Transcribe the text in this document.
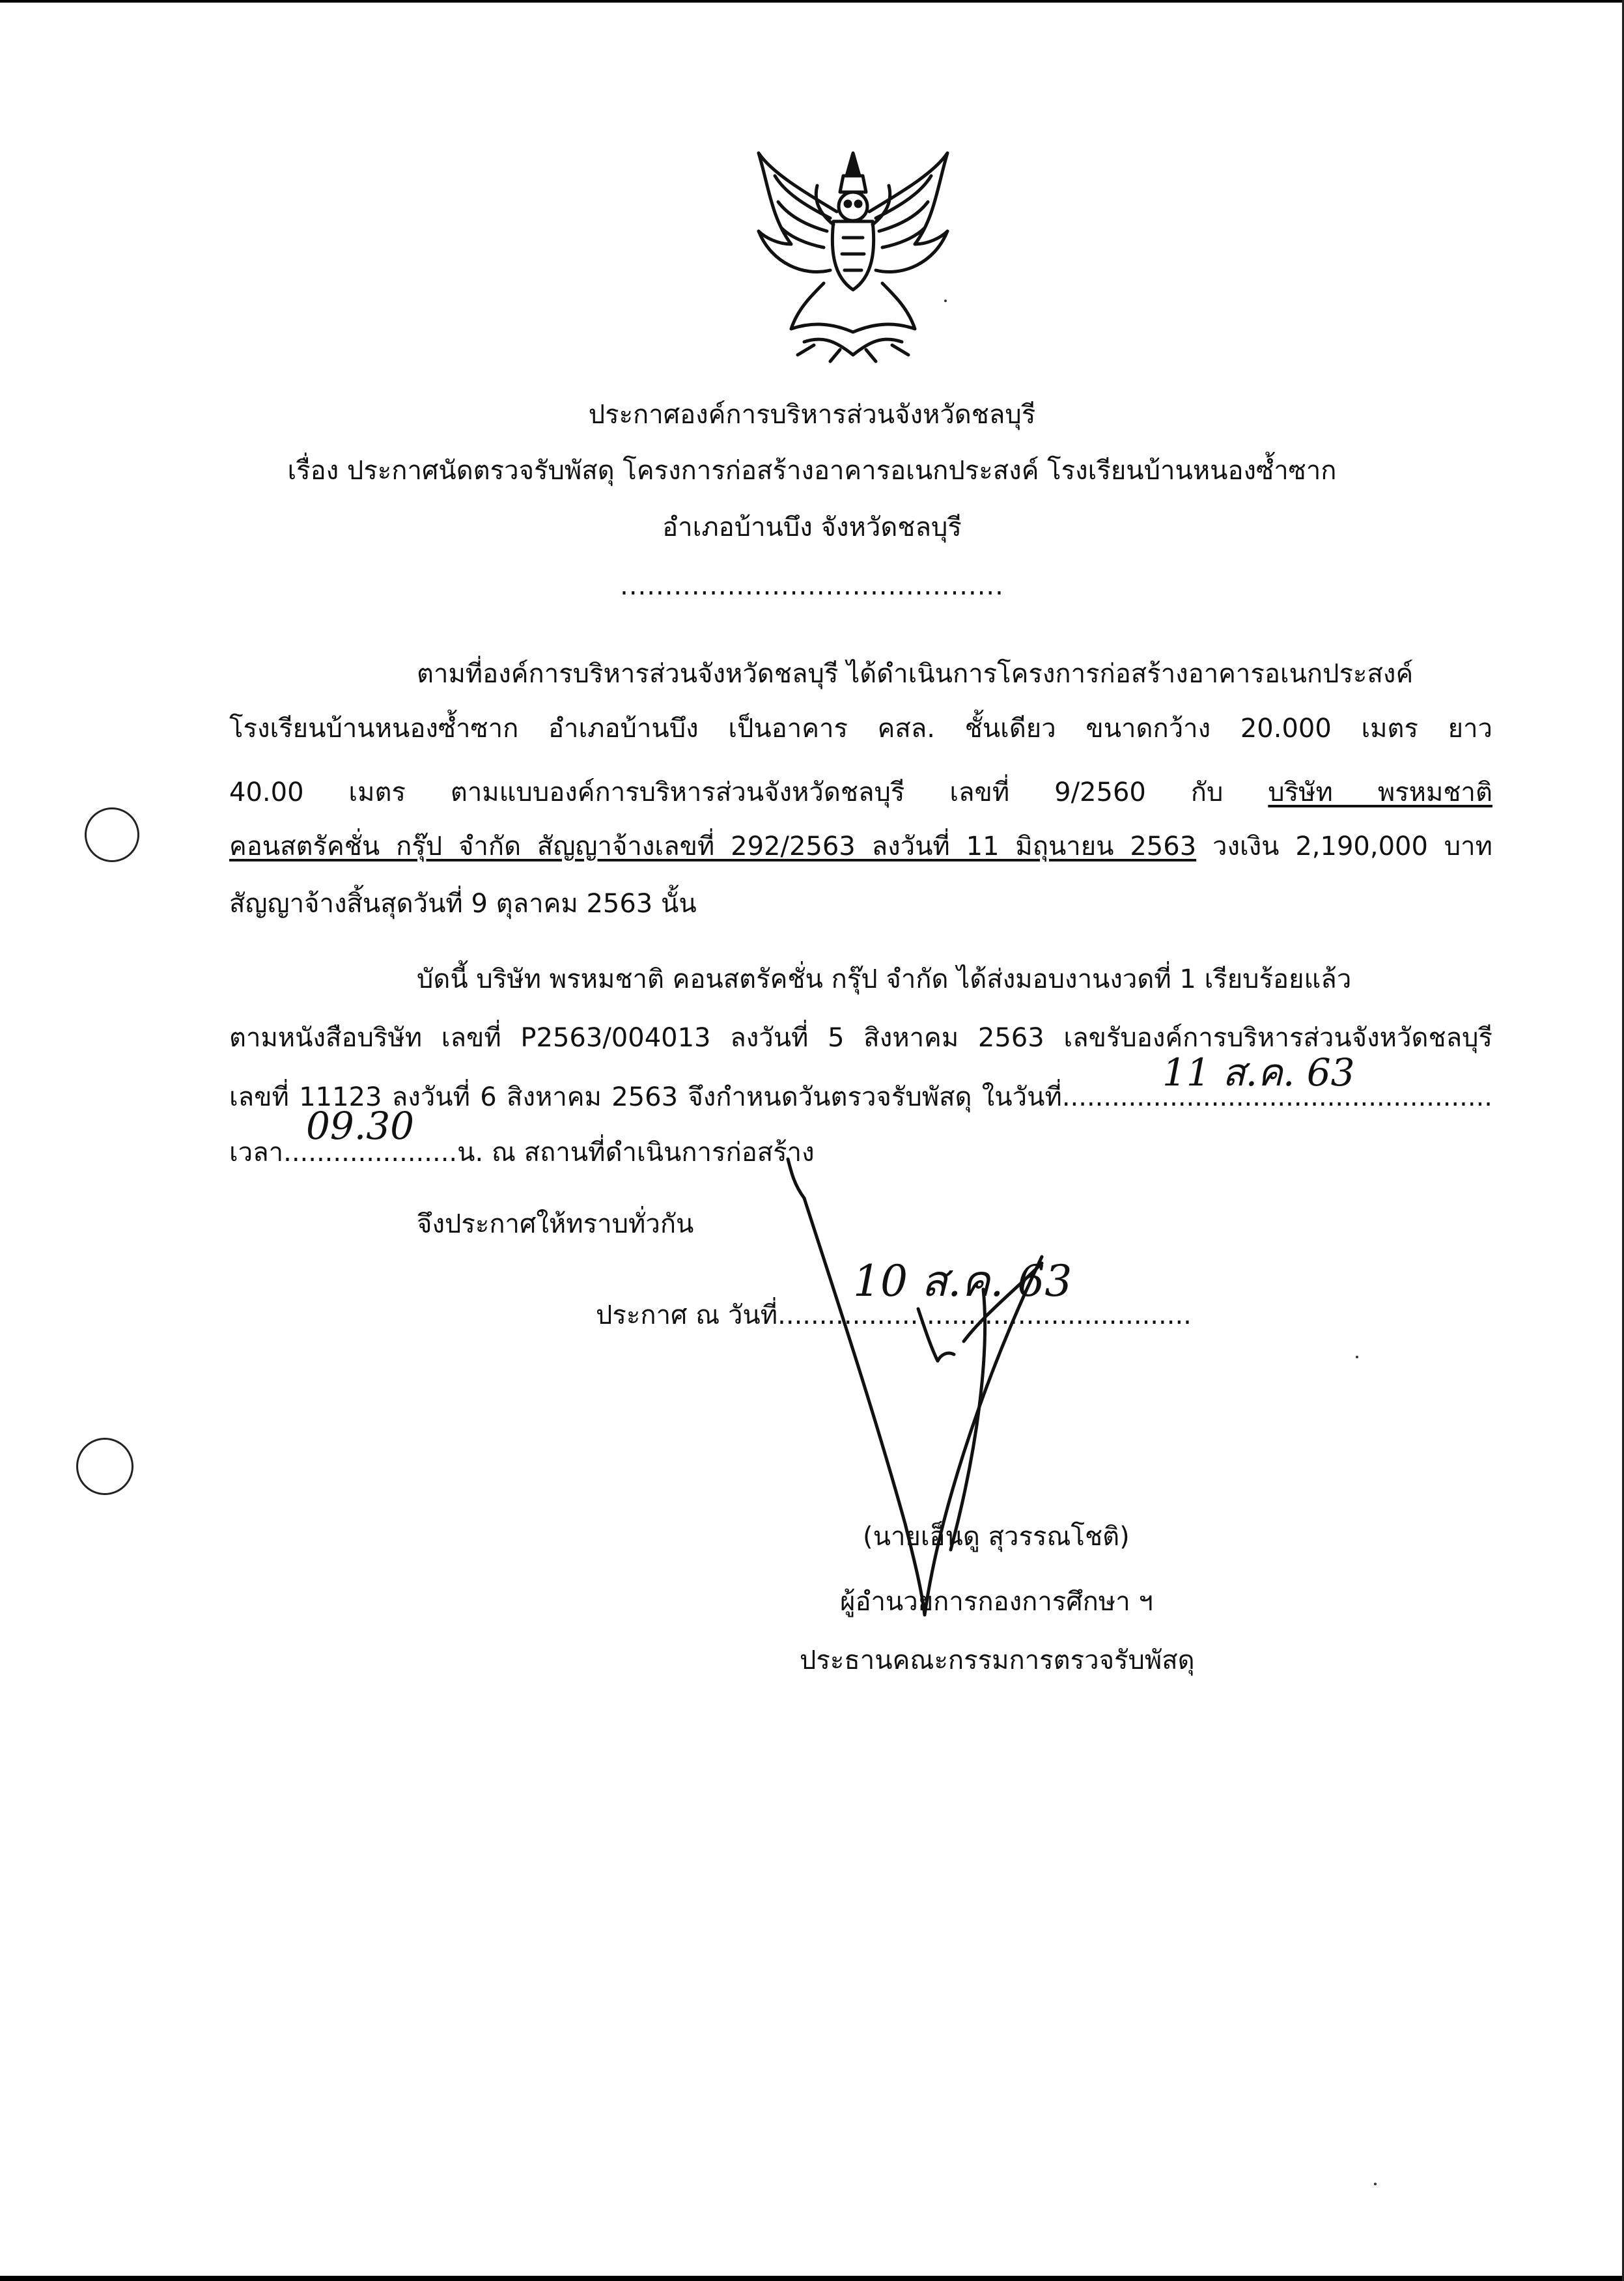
ประกาศองค์การบริหารส่วนจังหวัดชลบุรี
เรื่อง ประกาศนัดตรวจรับพัสดุ โครงการก่อสร้างอาคารอเนกประสงค์ โรงเรียนบ้านหนองซ้ำซาก
อำเภอบ้านบึง จังหวัดชลบุรี
...........................................
ตามที่องค์การบริหารส่วนจังหวัดชลบุรี ได้ดำเนินการโครงการก่อสร้างอาคารอเนกประสงค์
โรงเรียนบ้านหนองซ้ำซาก อำเภอบ้านบึง เป็นอาคาร คสล. ชั้นเดียว ขนาดกว้าง 20.000 เมตร ยาว
40.00 เมตร ตามแบบองค์การบริหารส่วนจังหวัดชลบุรี เลขที่ 9/2560 กับ บริษัท พรหมชาติ
คอนสตรัคชั่น กรุ๊ป จำกัด สัญญาจ้างเลขที่ 292/2563 ลงวันที่ 11 มิถุนายน 2563 วงเงิน 2,190,000 บาท
สัญญาจ้างสิ้นสุดวันที่ 9 ตุลาคม 2563 นั้น
บัดนี้ บริษัท พรหมชาติ คอนสตรัคชั่น กรุ๊ป จำกัด ได้ส่งมอบงานงวดที่ 1 เรียบร้อยแล้ว
ตามหนังสือบริษัท เลขที่ P2563/004013 ลงวันที่ 5 สิงหาคม 2563 เลขรับองค์การบริหารส่วนจังหวัดชลบุรี
เลขที่ 11123 ลงวันที่ 6 สิงหาคม 2563 จึงกำหนดวันตรวจรับพัสดุ ในวันที่....................................................
เวลา.....................น. ณ สถานที่ดำเนินการก่อสร้าง
จึงประกาศให้ทราบทั่วกัน
ประกาศ ณ วันที่..................................................
11 ส.ค. 63
09.30
10 ส.ค. 63
(นายเอ็นดู สุวรรณโชติ)
ผู้อำนวยการกองการศึกษา ฯ
ประธานคณะกรรมการตรวจรับพัสดุ
